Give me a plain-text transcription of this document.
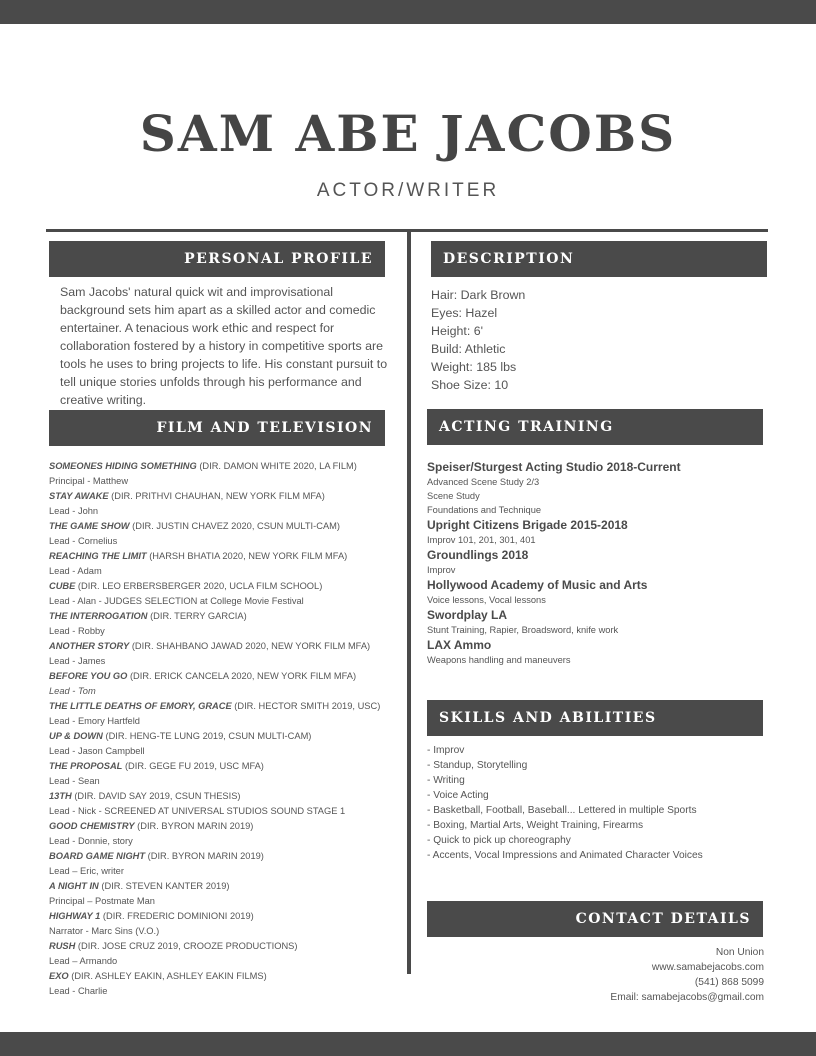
SAM ABE JACOBS
ACTOR/WRITER
PERSONAL PROFILE
Sam Jacobs' natural quick wit and improvisational background sets him apart as a skilled actor and comedic entertainer. A tenacious work ethic and respect for collaboration fostered by a history in competitive sports are tools he uses to bring projects to life. His constant pursuit to tell unique stories unfolds through his performance and creative writing.
DESCRIPTION
Hair: Dark Brown
Eyes: Hazel
Height: 6'
Build: Athletic
Weight: 185 lbs
Shoe Size: 10
FILM AND TELEVISION
SOMEONES HIDING SOMETHING (DIR. DAMON WHITE 2020, LA FILM)
Principal - Matthew
STAY AWAKE (DIR. PRITHVI CHAUHAN, NEW YORK FILM MFA)
Lead - John
THE GAME SHOW (DIR. JUSTIN CHAVEZ 2020, CSUN MULTI-CAM)
Lead - Cornelius
REACHING THE LIMIT (HARSH BHATIA 2020, NEW YORK FILM MFA)
Lead - Adam
CUBE (DIR. LEO ERBERSBERGER 2020, UCLA FILM SCHOOL)
Lead - Alan - JUDGES SELECTION at College Movie Festival
THE INTERROGATION (DIR. TERRY GARCIA)
Lead - Robby
ANOTHER STORY (DIR. SHAHBANO JAWAD 2020, NEW YORK FILM MFA)
Lead - James
BEFORE YOU GO (DIR. ERICK CANCELA 2020, NEW YORK FILM MFA)
Lead - Tom
THE LITTLE DEATHS OF EMORY, GRACE (DIR. HECTOR SMITH 2019, USC)
Lead - Emory Hartfeld
UP & DOWN (DIR. HENG-TE LUNG 2019, CSUN MULTI-CAM)
Lead - Jason Campbell
THE PROPOSAL (DIR. GEGE FU 2019, USC MFA)
Lead - Sean
13TH (DIR. DAVID SAY 2019, CSUN THESIS)
Lead - Nick - SCREENED AT UNIVERSAL STUDIOS SOUND STAGE 1
GOOD CHEMISTRY (DIR. BYRON MARIN 2019)
Lead - Donnie, story
BOARD GAME NIGHT (DIR. BYRON MARIN 2019)
Lead – Eric, writer
A NIGHT IN (DIR. STEVEN KANTER 2019)
Principal – Postmate Man
HIGHWAY 1 (DIR. FREDERIC DOMINIONI 2019)
Narrator - Marc Sins (V.O.)
RUSH (DIR. JOSE CRUZ 2019, CROOZE PRODUCTIONS)
Lead – Armando
EXO (DIR. ASHLEY EAKIN, ASHLEY EAKIN FILMS)
Lead - Charlie
ACTING TRAINING
Speiser/Sturgest Acting Studio 2018-Current
Advanced Scene Study 2/3
Scene Study
Foundations and Technique
Upright Citizens Brigade 2015-2018
Improv 101, 201, 301, 401
Groundlings 2018
Improv
Hollywood Academy of Music and Arts
Voice lessons, Vocal lessons
Swordplay LA
Stunt Training, Rapier, Broadsword, knife work
LAX Ammo
Weapons handling and maneuvers
SKILLS AND ABILITIES
- Improv
- Standup, Storytelling
- Writing
- Voice Acting
- Basketball, Football, Baseball... Lettered in multiple Sports
- Boxing, Martial Arts, Weight Training, Firearms
- Quick to pick up choreography
- Accents, Vocal Impressions and Animated Character Voices
CONTACT DETAILS
Non Union
www.samabejacobs.com
(541) 868 5099
Email: samabejacobs@gmail.com
